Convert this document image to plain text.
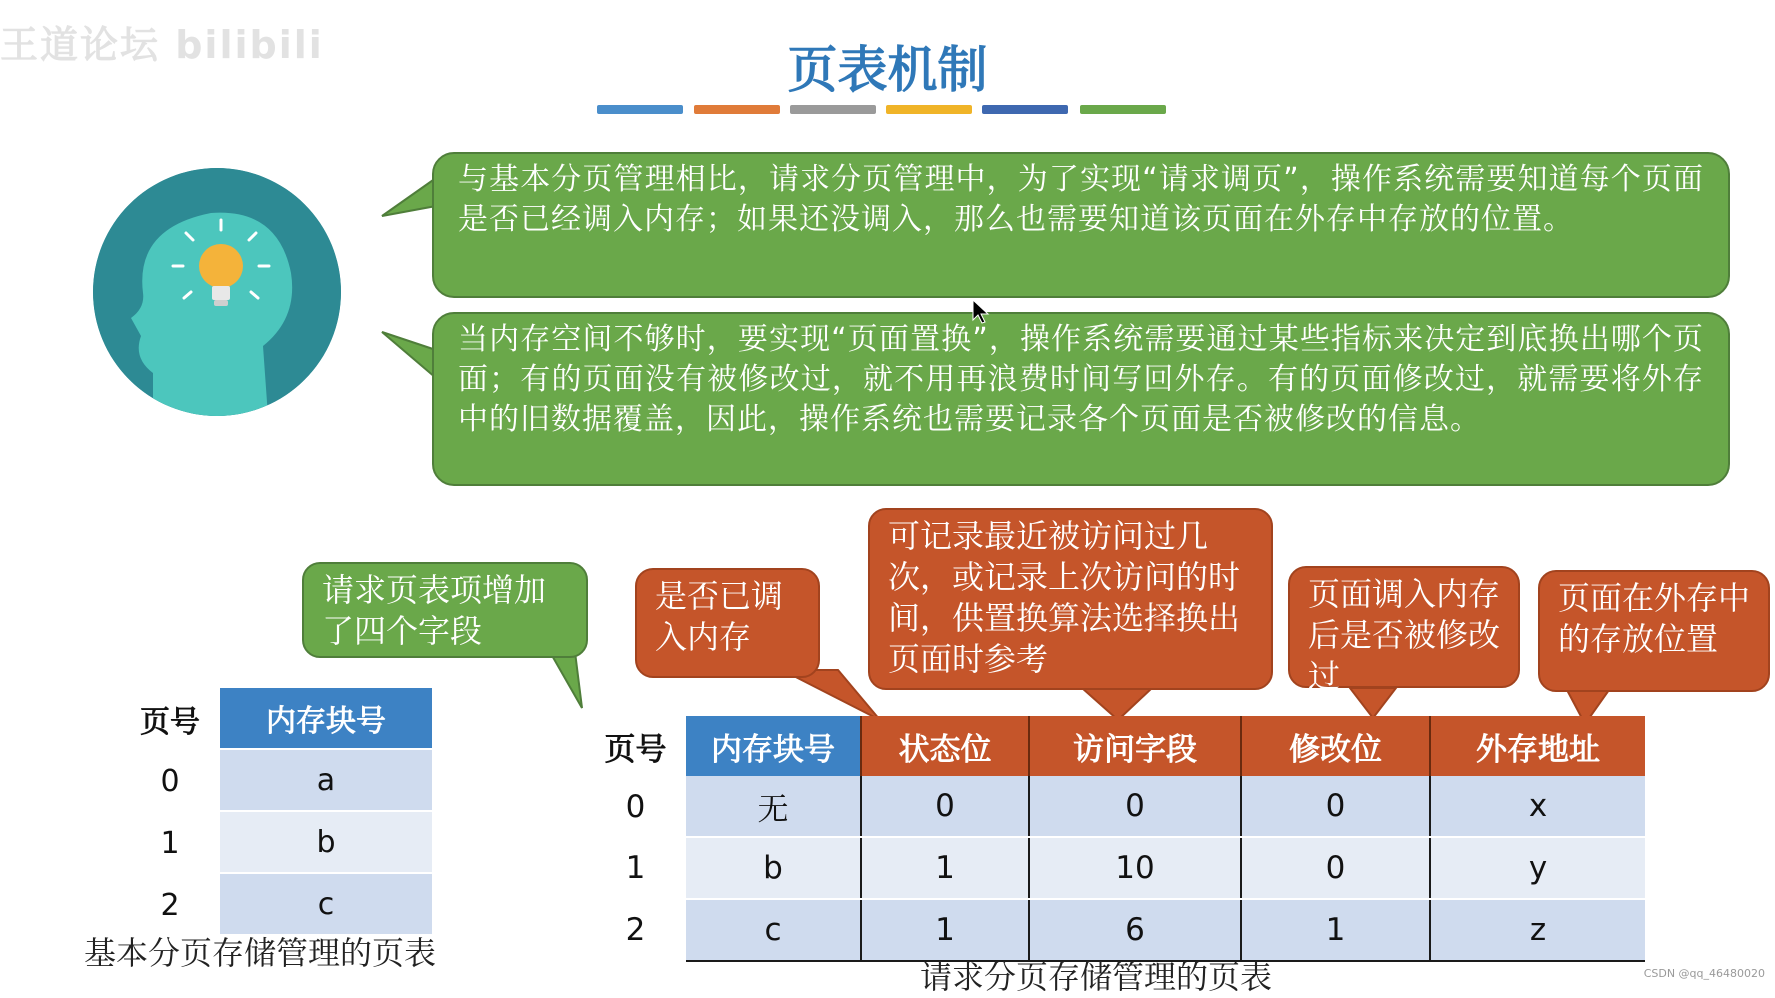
王道论坛 bilibili	页表机制
与基本分页管理相比，请求分页管理中，为了实现“请求调页”，操作系统需要知道每个页面是否已经调入内存；如果还没调入，那么也需要知道该页面在外存中存放的位置。
当内存空间不够时，要实现“页面置换”，操作系统需要通过某些指标来决定到底换出哪个页面；有的页面没有被修改过，就不用再浪费时间写回外存。有的页面修改过，就需要将外存中的旧数据覆盖，因此，操作系统也需要记录各个页面是否被修改的信息。
请求页表项增加了四个字段
是否已调入内存
可记录最近被访问过几次，或记录上次访问的时间，供置换算法选择换出页面时参考
页面调入内存后是否被修改过
页面在外存中的存放位置
页号	内存块号
0	a
1	b
2	c
基本分页存储管理的页表
页号	内存块号	状态位	访问字段	修改位	外存地址
0	无	0	0	0	x
1	b	1	10	0	y
2	c	1	6	1	z
请求分页存储管理的页表	CSDN @qq_46480020
